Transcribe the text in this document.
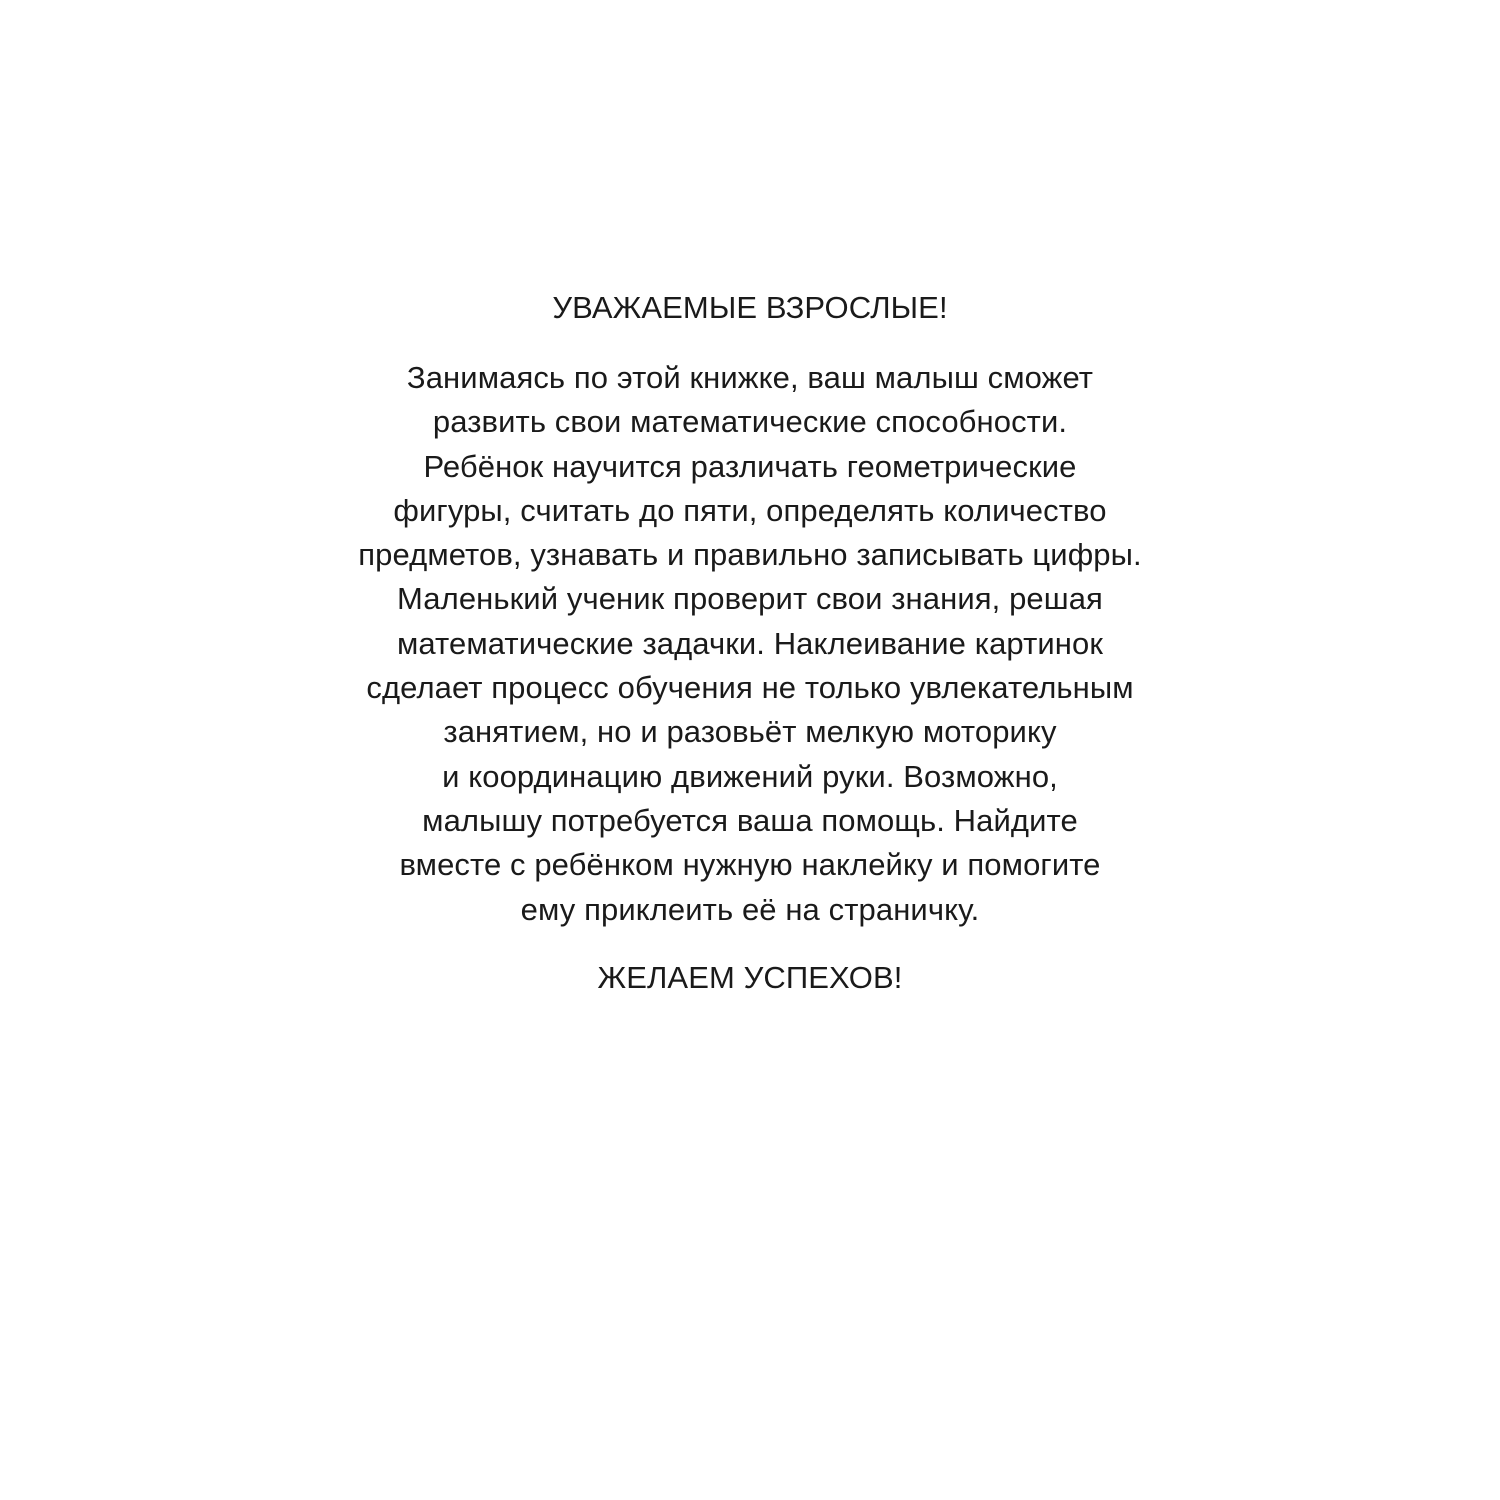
УВАЖАЕМЫЕ ВЗРОСЛЫЕ!
Занимаясь по этой книжке, ваш малыш сможет
развить свои математические способности.
Ребёнок научится различать геометрические
фигуры, считать до пяти, определять количество
предметов, узнавать и правильно записывать цифры.
Маленький ученик проверит свои знания, решая
математические задачки. Наклеивание картинок
сделает процесс обучения не только увлекательным
занятием, но и разовьёт мелкую моторику
и координацию движений руки. Возможно,
малышу потребуется ваша помощь. Найдите
вместе с ребёнком нужную наклейку и помогите
ему приклеить её на страничку.
ЖЕЛАЕМ УСПЕХОВ!
